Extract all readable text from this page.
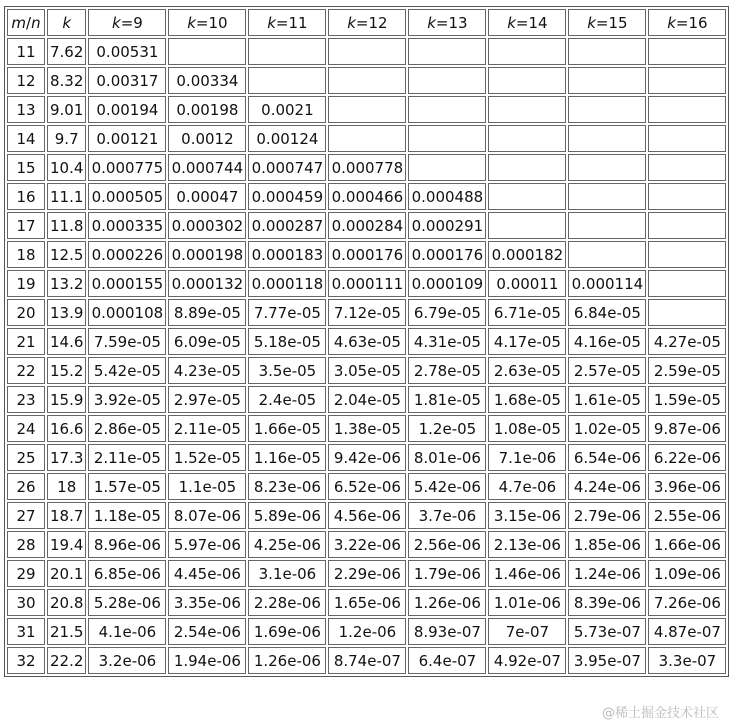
m/n	k	k=9	k=10	k=11	k=12	k=13	k=14	k=15	k=16
11	7.62	0.00531							
12	8.32	0.00317	0.00334						
13	9.01	0.00194	0.00198	0.0021					
14	9.7	0.00121	0.0012	0.00124					
15	10.4	0.000775	0.000744	0.000747	0.000778				
16	11.1	0.000505	0.00047	0.000459	0.000466	0.000488			
17	11.8	0.000335	0.000302	0.000287	0.000284	0.000291			
18	12.5	0.000226	0.000198	0.000183	0.000176	0.000176	0.000182		
19	13.2	0.000155	0.000132	0.000118	0.000111	0.000109	0.00011	0.000114	
20	13.9	0.000108	8.89e-05	7.77e-05	7.12e-05	6.79e-05	6.71e-05	6.84e-05	
21	14.6	7.59e-05	6.09e-05	5.18e-05	4.63e-05	4.31e-05	4.17e-05	4.16e-05	4.27e-05
22	15.2	5.42e-05	4.23e-05	3.5e-05	3.05e-05	2.78e-05	2.63e-05	2.57e-05	2.59e-05
23	15.9	3.92e-05	2.97e-05	2.4e-05	2.04e-05	1.81e-05	1.68e-05	1.61e-05	1.59e-05
24	16.6	2.86e-05	2.11e-05	1.66e-05	1.38e-05	1.2e-05	1.08e-05	1.02e-05	9.87e-06
25	17.3	2.11e-05	1.52e-05	1.16e-05	9.42e-06	8.01e-06	7.1e-06	6.54e-06	6.22e-06
26	18	1.57e-05	1.1e-05	8.23e-06	6.52e-06	5.42e-06	4.7e-06	4.24e-06	3.96e-06
27	18.7	1.18e-05	8.07e-06	5.89e-06	4.56e-06	3.7e-06	3.15e-06	2.79e-06	2.55e-06
28	19.4	8.96e-06	5.97e-06	4.25e-06	3.22e-06	2.56e-06	2.13e-06	1.85e-06	1.66e-06
29	20.1	6.85e-06	4.45e-06	3.1e-06	2.29e-06	1.79e-06	1.46e-06	1.24e-06	1.09e-06
30	20.8	5.28e-06	3.35e-06	2.28e-06	1.65e-06	1.26e-06	1.01e-06	8.39e-06	7.26e-06
31	21.5	4.1e-06	2.54e-06	1.69e-06	1.2e-06	8.93e-07	7e-07	5.73e-07	4.87e-07
32	22.2	3.2e-06	1.94e-06	1.26e-06	8.74e-07	6.4e-07	4.92e-07	3.95e-07	3.3e-07
@稀土掘金技术社区
